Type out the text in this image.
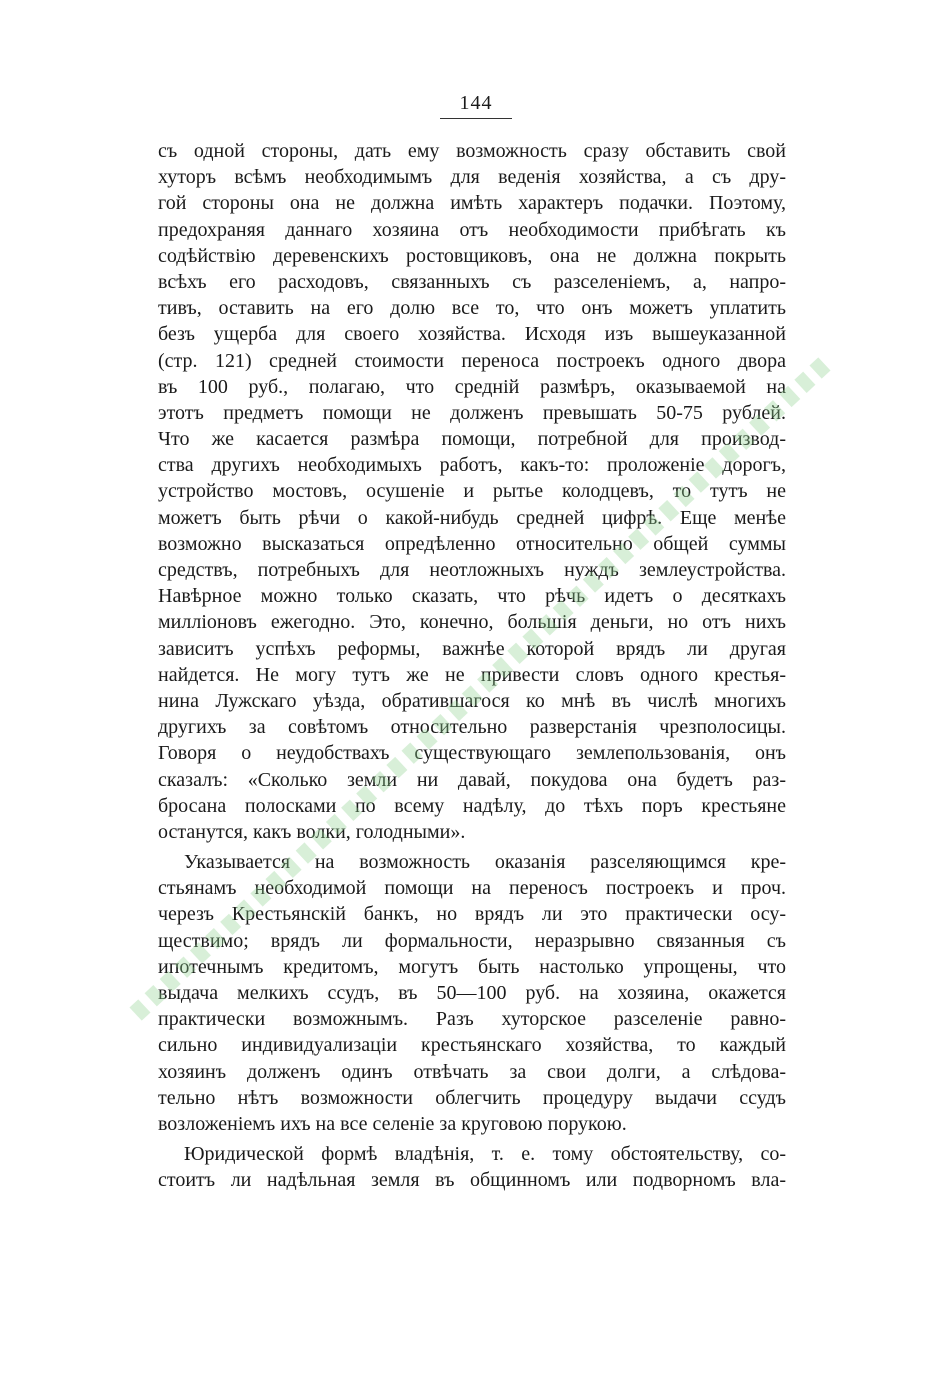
144
съ одной стороны, дать ему возможность сразу обставить свой
хуторъ всѣмъ необходимымъ для веденія хозяйства, а съ дру-
гой стороны она не должна имѣть характеръ подачки. Поэтому,
предохраняя даннаго хозяина отъ необходимости прибѣгать къ
содѣйствію деревенскихъ ростовщиковъ, она не должна покрыть
всѣхъ его расходовъ, связанныхъ съ разселеніемъ, а, напро-
тивъ, оставить на его долю все то, что онъ можетъ уплатить
безъ ущерба для своего хозяйства. Исходя изъ вышеуказанной
(стр. 121) средней стоимости переноса построекъ одного двора
въ 100 руб., полагаю, что средній размѣръ, оказываемой на
этотъ предметъ помощи не долженъ превышать 50-75 рублей.
Что же касается размѣра помощи, потребной для производ-
ства другихъ необходимыхъ работъ, какъ-то: проложеніе дорогъ,
устройство мостовъ, осушеніе и рытье колодцевъ, то тутъ не
можетъ быть рѣчи о какой-нибудь средней цифрѣ. Еще менѣе
возможно высказаться опредѣленно относительно общей суммы
средствъ, потребныхъ для неотложныхъ нуждъ землеустройства.
Навѣрное можно только сказать, что рѣчь идетъ о десяткахъ
милліоновъ ежегодно. Это, конечно, большія деньги, но отъ нихъ
зависитъ успѣхъ реформы, важнѣе которой врядъ ли другая
найдется. Не могу тутъ же не привести словъ одного крестья-
нина Лужскаго уѣзда, обратившагося ко мнѣ въ числѣ многихъ
другихъ за совѣтомъ относительно разверстанія чрезполосицы.
Говоря о неудобствахъ существующаго землепользованія, онъ
сказалъ: «Сколько земли ни давай, покудова она будетъ раз-
бросана полосками по всему надѣлу, до тѣхъ поръ крестьяне
останутся, какъ волки, голодными».
Указывается на возможность оказанія разселяющимся кре-
стьянамъ необходимой помощи на переносъ построекъ и проч.
черезъ Крестьянскій банкъ, но врядъ ли это практически осу-
ществимо; врядъ ли формальности, неразрывно связанныя съ
ипотечнымъ кредитомъ, могутъ быть настолько упрощены, что
выдача мелкихъ ссудъ, въ 50—100 руб. на хозяина, окажется
практически возможнымъ. Разъ хуторское разселеніе равно-
сильно индивидуализаціи крестьянскаго хозяйства, то каждый
хозяинъ долженъ одинъ отвѣчать за свои долги, а слѣдова-
тельно нѣтъ возможности облегчить процедуру выдачи ссудъ
возложеніемъ ихъ на все селеніе за круговою порукою.
Юридической формѣ владѣнія, т. е. тому обстоятельству, со-
стоитъ ли надѣльная земля въ общинномъ или подворномъ вла-
